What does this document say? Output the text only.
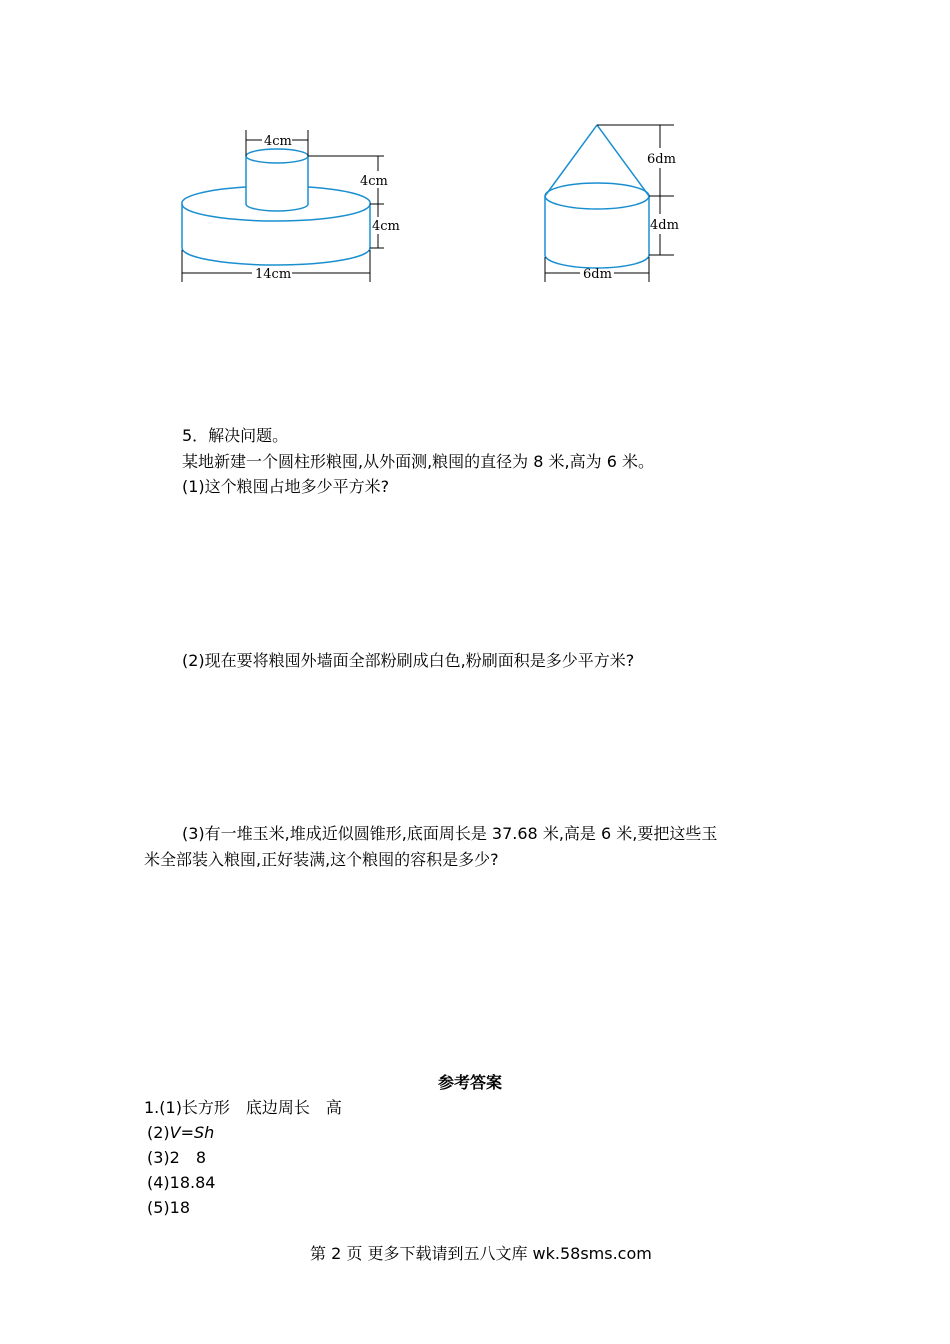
4cm
4cm
4cm
14cm
6dm
4dm
6dm
5．解决问题。
某地新建一个圆柱形粮囤,从外面测,粮囤的直径为 8 米,高为 6 米。
(1)这个粮囤占地多少平方米?
(2)现在要将粮囤外墙面全部粉刷成白色,粉刷面积是多少平方米?
(3)有一堆玉米,堆成近似圆锥形,底面周长是 37.68 米,高是 6 米,要把这些玉
米全部装入粮囤,正好装满,这个粮囤的容积是多少?
参考答案
1.(1)长方形　底边周长　高
(2)V=Sh
(3)2　8
(4)18.84
(5)18
第 2 页 更多下载请到五八文库 wk.58sms.com
